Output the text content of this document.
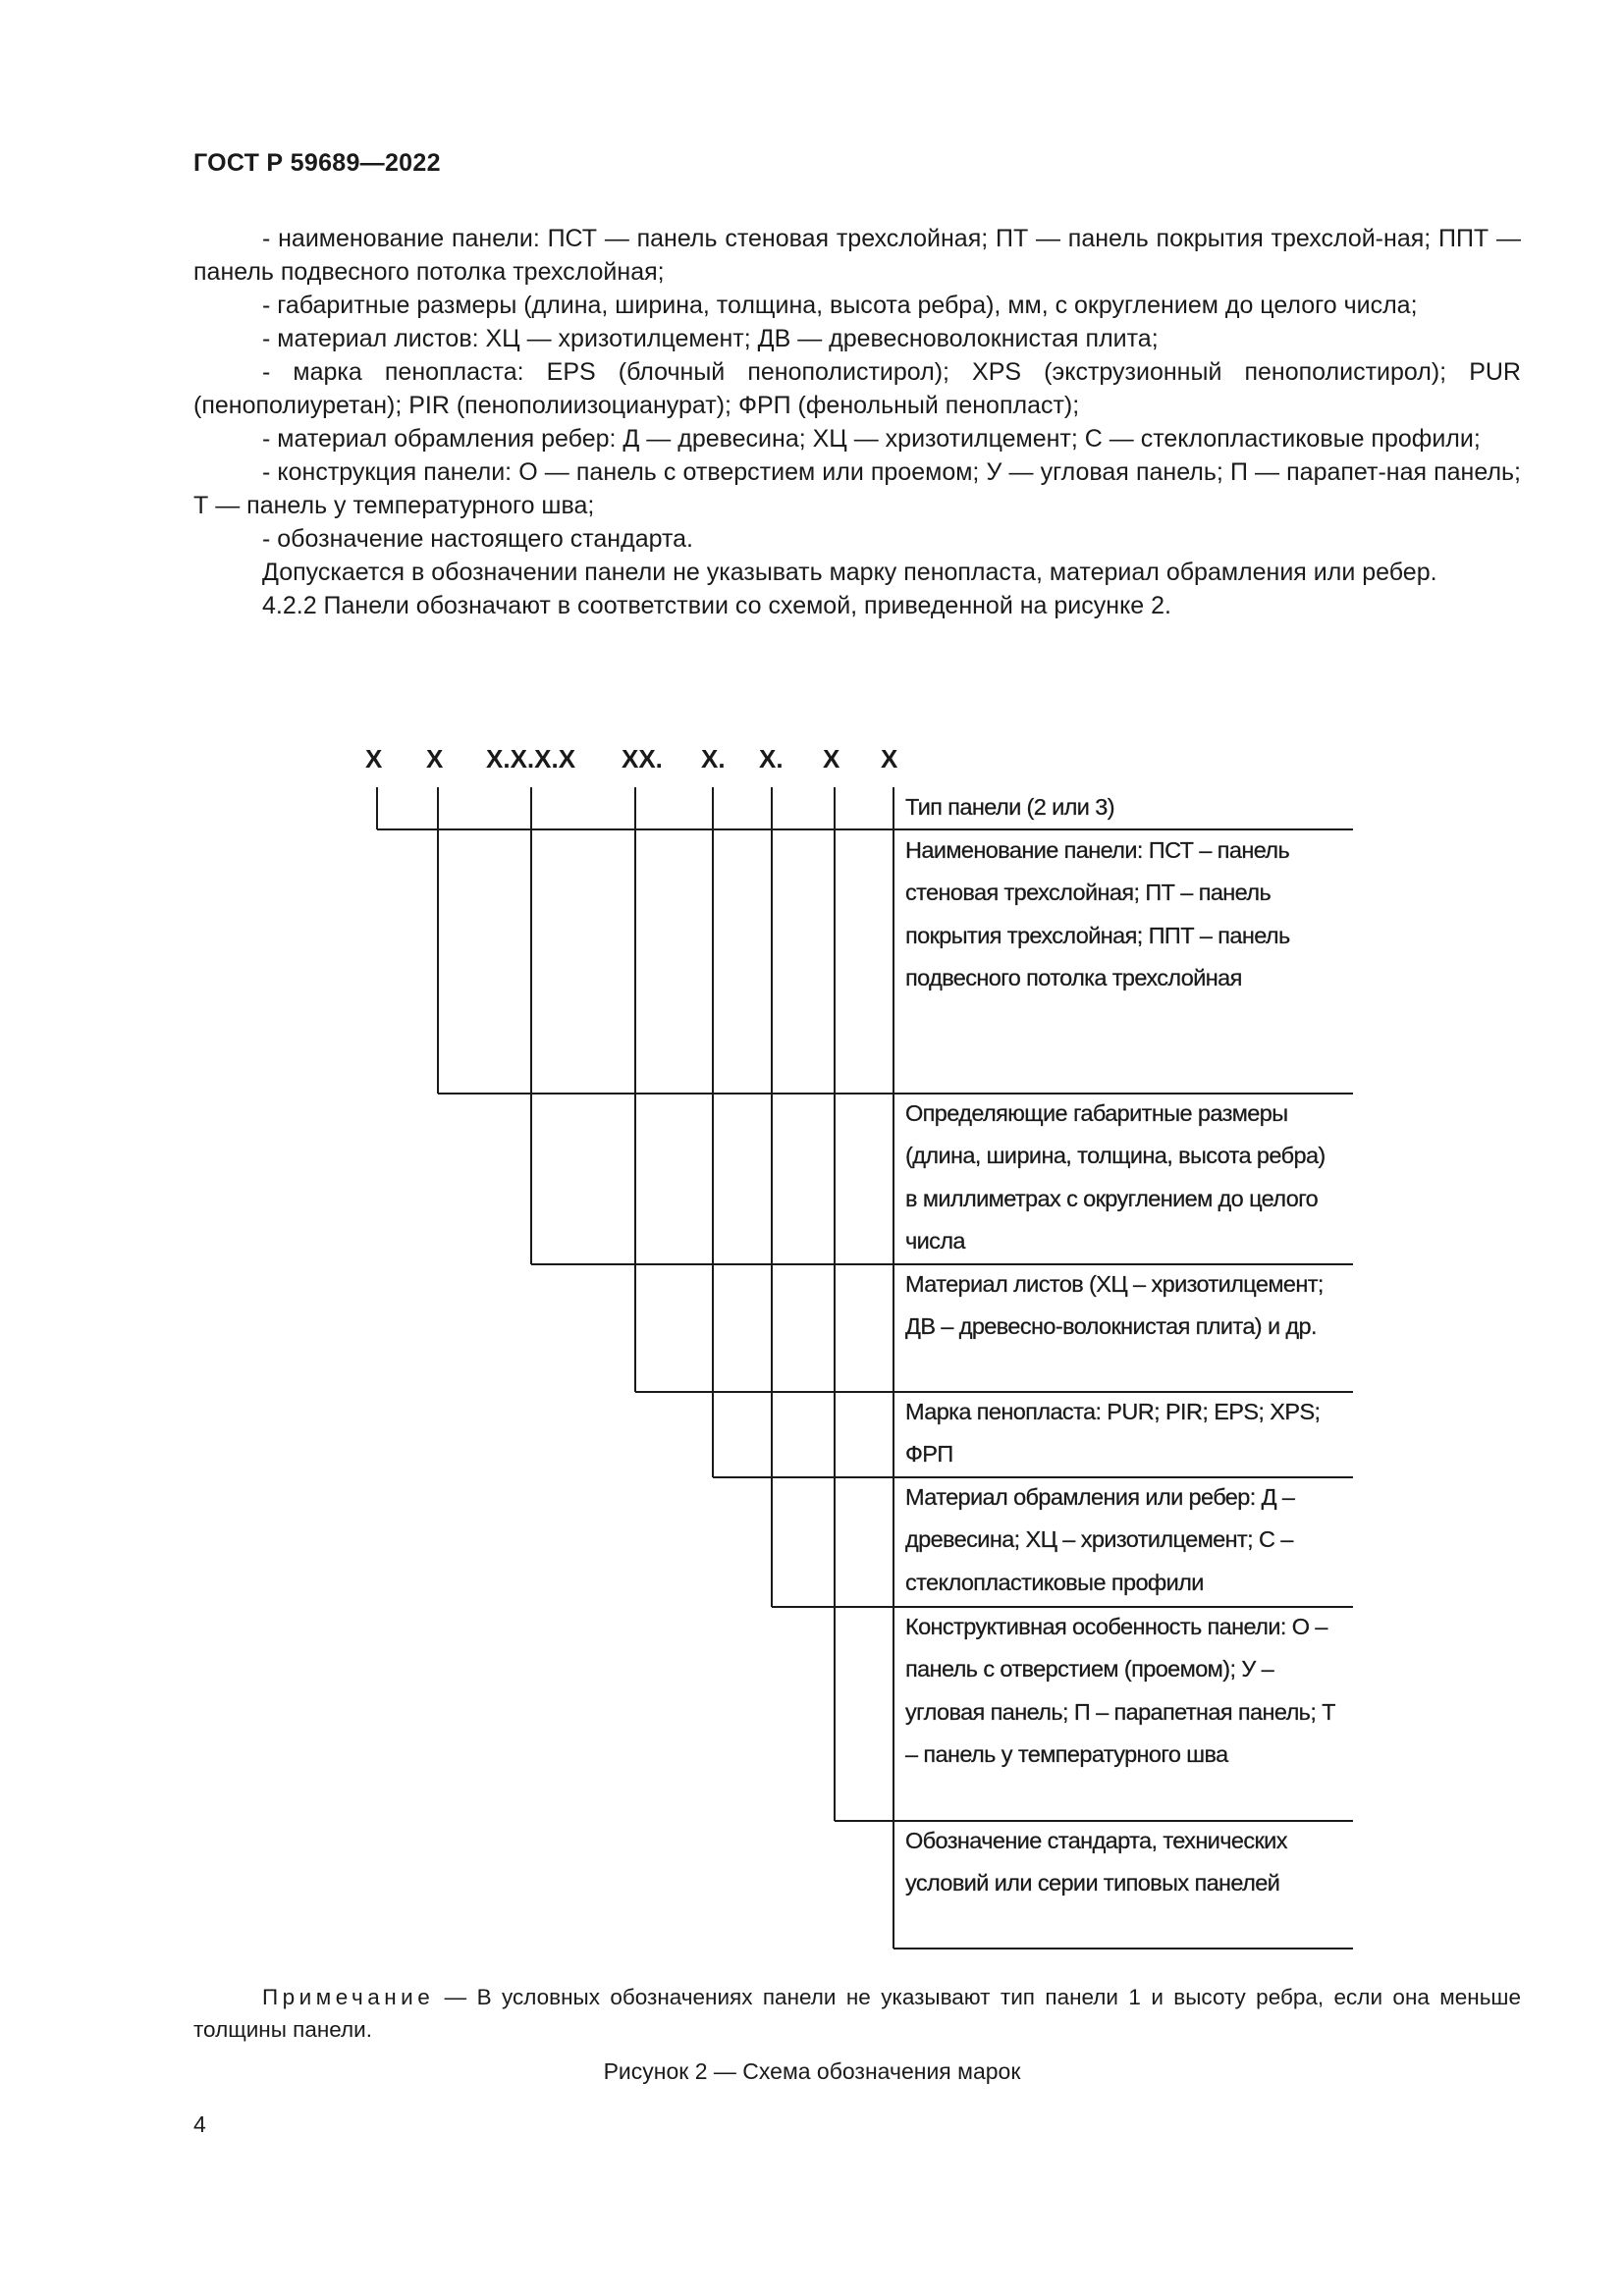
ГОСТ Р 59689—2022

- наименование панели: ПСТ — панель стеновая трехслойная; ПТ — панель покрытия трехслой-ная; ППТ — панель подвесного потолка трехслойная;

- габаритные размеры (длина, ширина, толщина, высота ребра), мм, с округлением до целого числа;

- материал листов: ХЦ — хризотилцемент; ДВ — древесноволокнистая плита;

- марка пенопласта: EPS (блочный пенополистирол); XPS (экструзионный пенополистирол); PUR (пенополиуретан); PIR (пенополиизоцианурат); ФРП (фенольный пенопласт);

- материал обрамления ребер: Д — древесина; ХЦ — хризотилцемент; С — стеклопластиковые профили;

- конструкция панели: О — панель с отверстием или проемом; У — угловая панель; П — парапет-ная панель; Т — панель у температурного шва;

- обозначение настоящего стандарта.

Допускается в обозначении панели не указывать марку пенопласта, материал обрамления или ребер.

4.2.2 Панели обозначают в соответствии со схемой, приведенной на рисунке 2.

X X X.X.X.X XX. X. X. X X
Тип панели (2 или 3)
Наименование панели: ПСТ – панель стеновая трехслойная; ПТ – панель покрытия трехслойная; ППТ – панель подвесного потолка трехслойная
Определяющие габаритные размеры (длина, ширина, толщина, высота ребра) в миллиметрах с округлением до целого числа
Материал листов (ХЦ – хризотилцемент; ДВ – древесно-волокнистая плита) и др.
Марка пенопласта: PUR; PIR; EPS; XPS; ФРП
Материал обрамления или ребер: Д – древесина; ХЦ – хризотилцемент; С – стеклопластиковые профили
Конструктивная особенность панели: О – панель с отверстием (проемом); У – угловая панель; П – парапетная панель; Т – панель у температурного шва
Обозначение стандарта, технических условий или серии типовых панелей

Примечание — В условных обозначениях панели не указывают тип панели 1 и высоту ребра, если она меньше толщины панели.

Рисунок 2 — Схема обозначения марок
4
